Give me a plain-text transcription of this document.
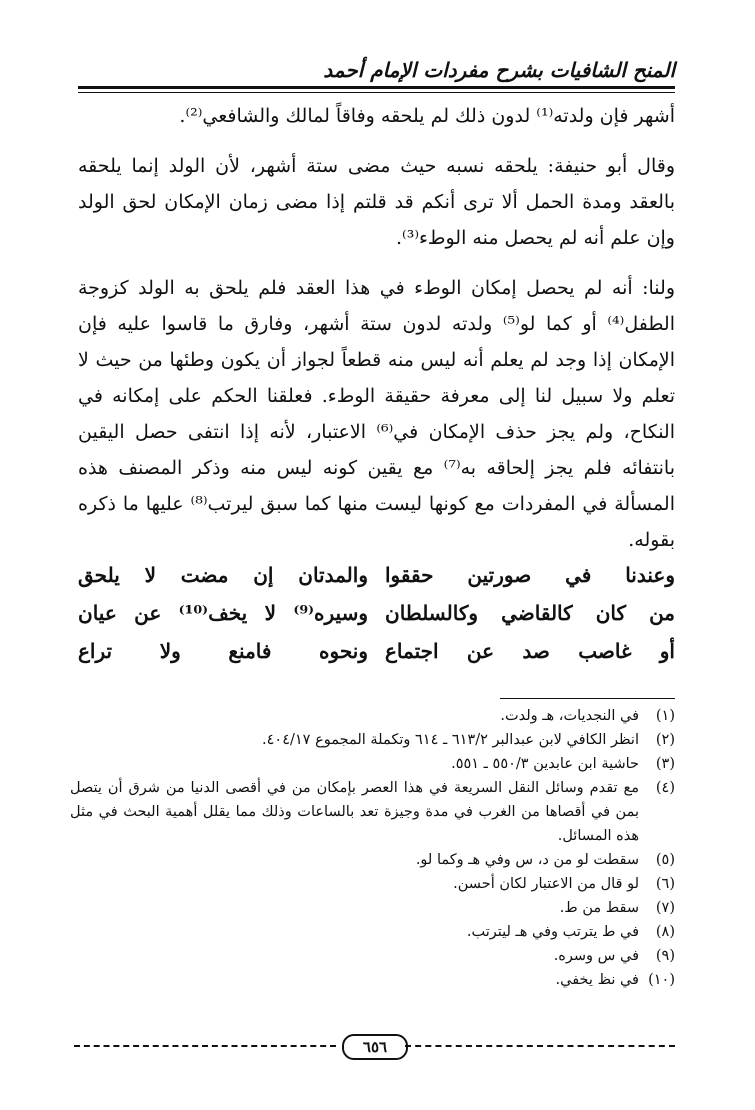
المنح الشافيات بشرح مفردات الإمام أحمد

أشهر فإن ولدته⁽¹⁾ لدون ذلك لم يلحقه وفاقاً لمالك والشافعي⁽²⁾.

وقال أبو حنيفة: يلحقه نسبه حيث مضى ستة أشهر، لأن الولد إنما يلحقه بالعقد ومدة الحمل ألا ترى أنكم قد قلتم إذا مضى زمان الإمكان لحق الولد وإن علم أنه لم يحصل منه الوطء⁽³⁾.

ولنا: أنه لم يحصل إمكان الوطء في هذا العقد فلم يلحق به الولد كزوجة الطفل⁽⁴⁾ أو كما لو⁽⁵⁾ ولدته لدون ستة أشهر، وفارق ما قاسوا عليه فإن الإمكان إذا وجد لم يعلم أنه ليس منه قطعاً لجواز أن يكون وطئها من حيث لا تعلم ولا سبيل لنا إلى معرفة حقيقة الوطء. فعلقنا الحكم على إمكانه في النكاح، ولم يجز حذف الإمكان في⁽⁶⁾ الاعتبار، لأنه إذا انتفى حصل اليقين بانتفائه فلم يجز إلحاقه به⁽⁷⁾ مع يقين كونه ليس منه وذكر المصنف هذه المسألة في المفردات مع كونها ليست منها كما سبق ليرتب⁽⁸⁾ عليها ما ذكره بقوله.

وعندنا في صورتين حققوا
والمدتان إن مضت لا يلحق
من كان كالقاضي وكالسلطان
وسيره⁽⁹⁾ لا يخف⁽¹⁰⁾ عن عيان
أو غاصب صد عن اجتماع
ونحوه فامنع ولا تراع
(١)
في النجديات، هـ ولدت.
(٢)
انظر الكافي لابن عبدالبر ٦١٣/٢ ـ ٦١٤ وتكملة المجموع ٤٠٤/١٧.
(٣)
حاشية ابن عابدين ٥٥٠/٣ ـ ٥٥١.
(٤)
مع تقدم وسائل النقل السريعة في هذا العصر بإمكان من في أقصى الدنيا من شرق أن يتصل بمن في أقصاها من الغرب في مدة وجيزة تعد بالساعات وذلك مما يقلل أهمية البحث في مثل هذه المسائل.
(٥)
سقطت لو من د، س وفي هـ وكما لو.
(٦)
لو قال من الاعتبار لكان أحسن.
(٧)
سقط من ط.
(٨)
في ط يترتب وفي هـ ليترتب.
(٩)
في س وسره.
(١٠)
في نظ يخفي.
٦٥٦
